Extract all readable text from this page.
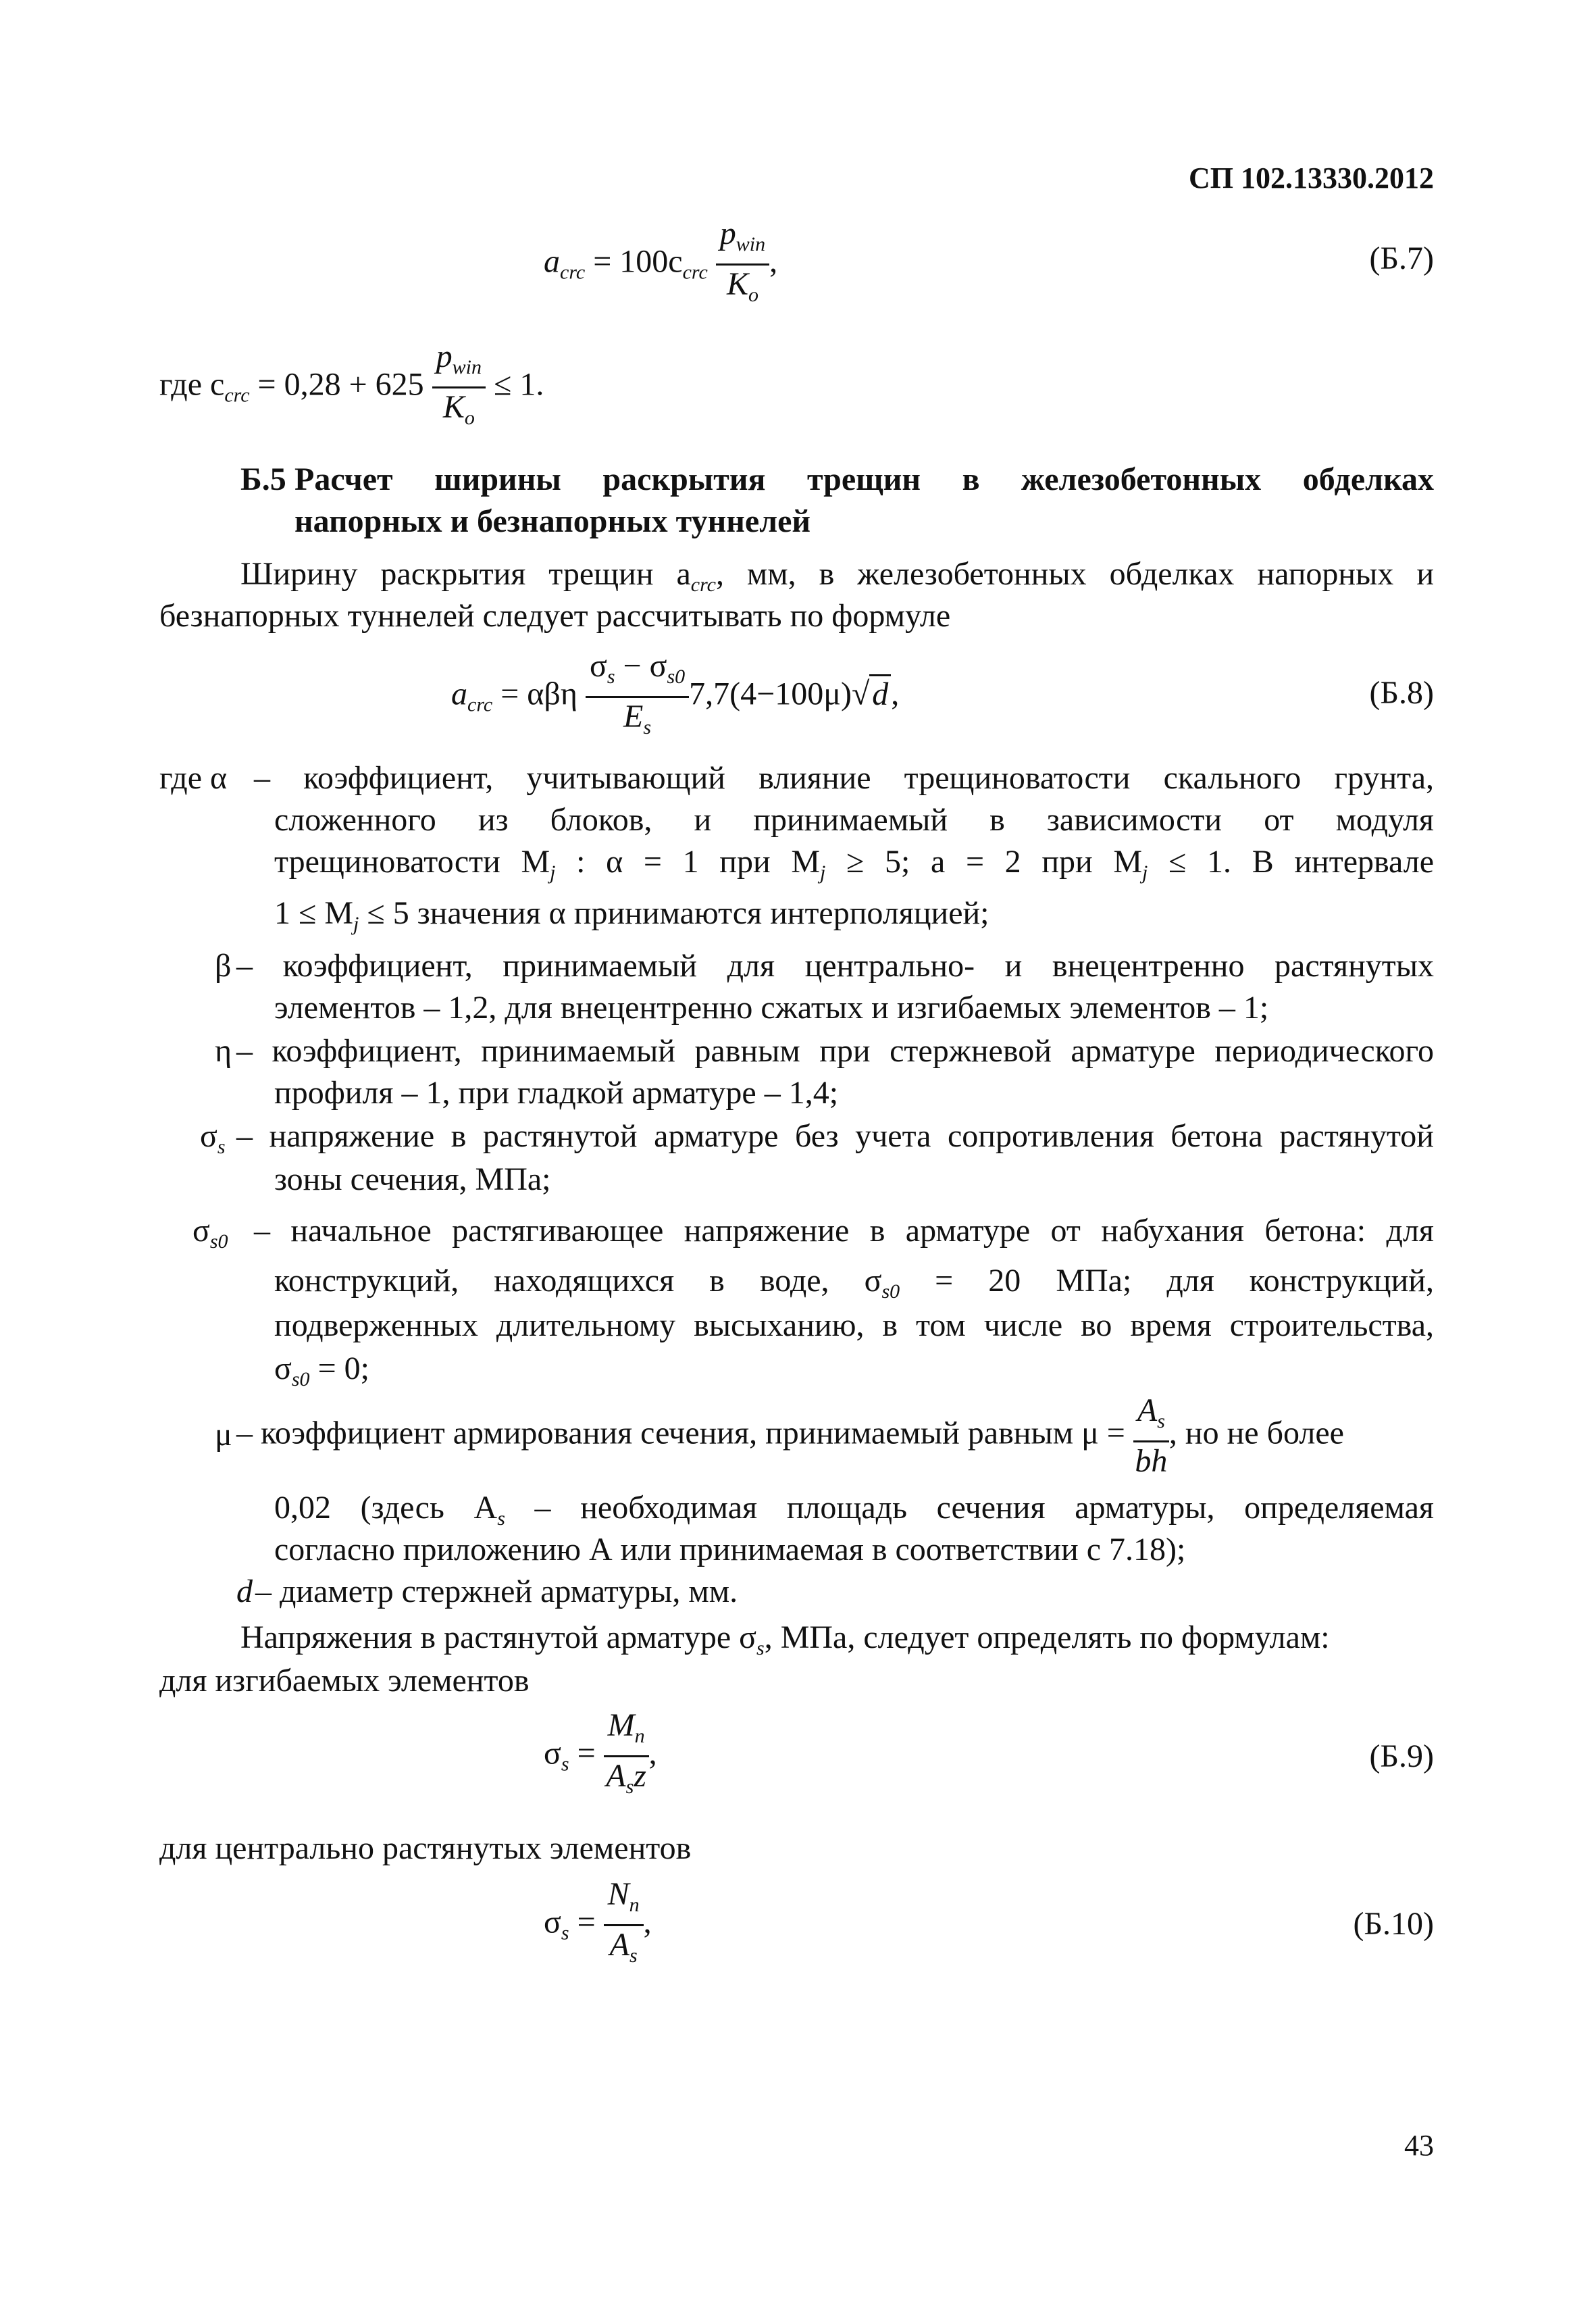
СП 102.13330.2012
$a_{crc} = 100c_{crc} \frac{p_{win}}{K_o}$ ,	(Б.7)
где $c_{crc} = 0,28 + 625 \frac{p_{win}}{K_o} \le 1$.
Б.5 Расчет ширины раскрытия трещин в железобетонных обделках
напорных и безнапорных туннелей
Ширину раскрытия трещин $a_{crc}$, мм, в железобетонных обделках напорных и
безнапорных туннелей следует рассчитывать по формуле
$a_{crc} = \alpha\beta\eta \frac{\sigma_s - \sigma_{s0}}{E_s} 7,7(4-100\mu)√d$,	(Б.8)
где α – коэффициент, учитывающий влияние трещиноватости скального грунта,
сложенного из блоков, и принимаемый в зависимости от модуля
трещиноватости $M_j$ : α = 1 при $M_j \ge 5$; a = 2 при $M_j \le 1$. В интервале
$1 \le M_j \le 5$ значения α принимаются интерполяцией;
β – коэффициент, принимаемый для центрально- и внецентренно растянутых
элементов – 1,2, для внецентренно сжатых и изгибаемых элементов – 1;
η – коэффициент, принимаемый равным при стержневой арматуре периодического
профиля – 1, при гладкой арматуре – 1,4;
$\sigma_s$ – напряжение в растянутой арматуре без учета сопротивления бетона растянутой
зоны сечения, МПа;
$\sigma_{s0}$ – начальное растягивающее напряжение в арматуре от набухания бетона: для
конструкций, находящихся в воде, $\sigma_{s0} = 20$ МПа; для конструкций,
подверженных длительному высыханию, в том числе во время строительства,
$\sigma_{s0} = 0$;
μ – коэффициент армирования сечения, принимаемый равным $\mu = \frac{A_s}{bh}$ , но не более
0,02 (здесь $A_s$ – необходимая площадь сечения арматуры, определяемая
согласно приложению А или принимаемая в соответствии с 7.18);
d – диаметр стержней арматуры, мм.
Напряжения в растянутой арматуре $\sigma_s$, МПа, следует определять по формулам:
для изгибаемых элементов
$\sigma_s = \frac{M_n}{A_sz}$ ,	(Б.9)
для центрально растянутых элементов
$\sigma_s = \frac{N_n}{A_s}$ ,	(Б.10)
43
